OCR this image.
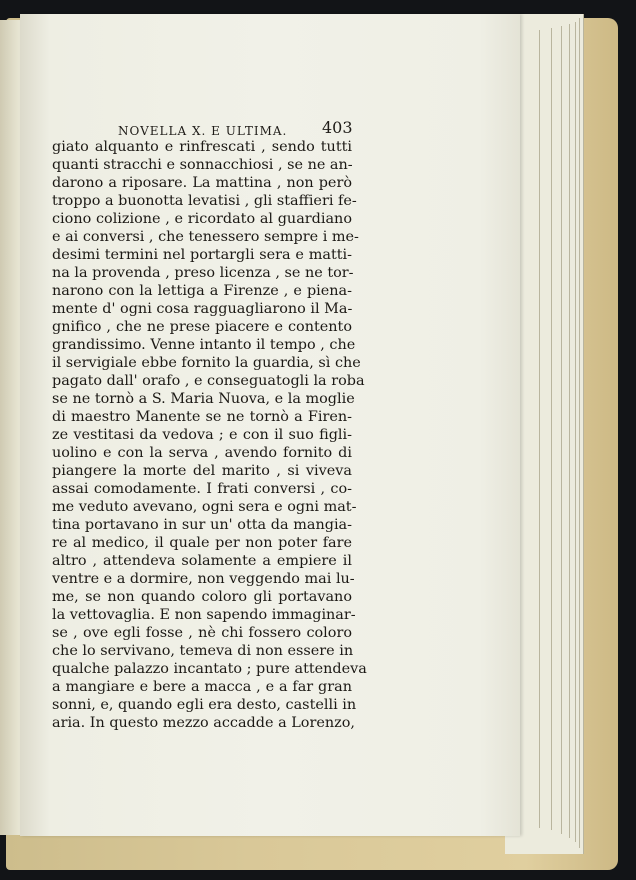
NOVELLA X. E ULTIMA.	403
giato alquanto e rinfrescati , sendo tutti
quanti stracchi e sonnacchiosi , se ne an-
darono a riposare. La mattina , non però
troppo a buonotta levatisi , gli staffieri fe-
ciono colizione , e ricordato al guardiano
e ai conversi , che tenessero sempre i me-
desimi termini nel portargli sera e matti-
na la provenda , preso licenza , se ne tor-
narono con la lettiga a Firenze , e piena-
mente d' ogni cosa ragguagliarono il Ma-
gnifico , che ne prese piacere e contento
grandissimo. Venne intanto il tempo , che
il servigiale ebbe fornito la guardia, sì che
pagato dall' orafo , e conseguatogli la roba
se ne tornò a S. Maria Nuova, e la moglie
di maestro Manente se ne tornò a Firen-
ze vestitasi da vedova ; e con il suo figli-
uolino e con la serva , avendo fornito di
piangere la morte del marito , si viveva
assai comodamente. I frati conversi , co-
me veduto avevano, ogni sera e ogni mat-
tina portavano in sur un' otta da mangia-
re al medico, il quale per non poter fare
altro , attendeva solamente a empiere il
ventre e a dormire, non veggendo mai lu-
me, se non quando coloro gli portavano
la vettovaglia. E non sapendo immaginar-
se , ove egli fosse , nè chi fossero coloro
che lo servivano, temeva di non essere in
qualche palazzo incantato ; pure attendeva
a mangiare e bere a macca , e a far gran
sonni, e, quando egli era desto, castelli in
aria. In questo mezzo accadde a Lorenzo,
